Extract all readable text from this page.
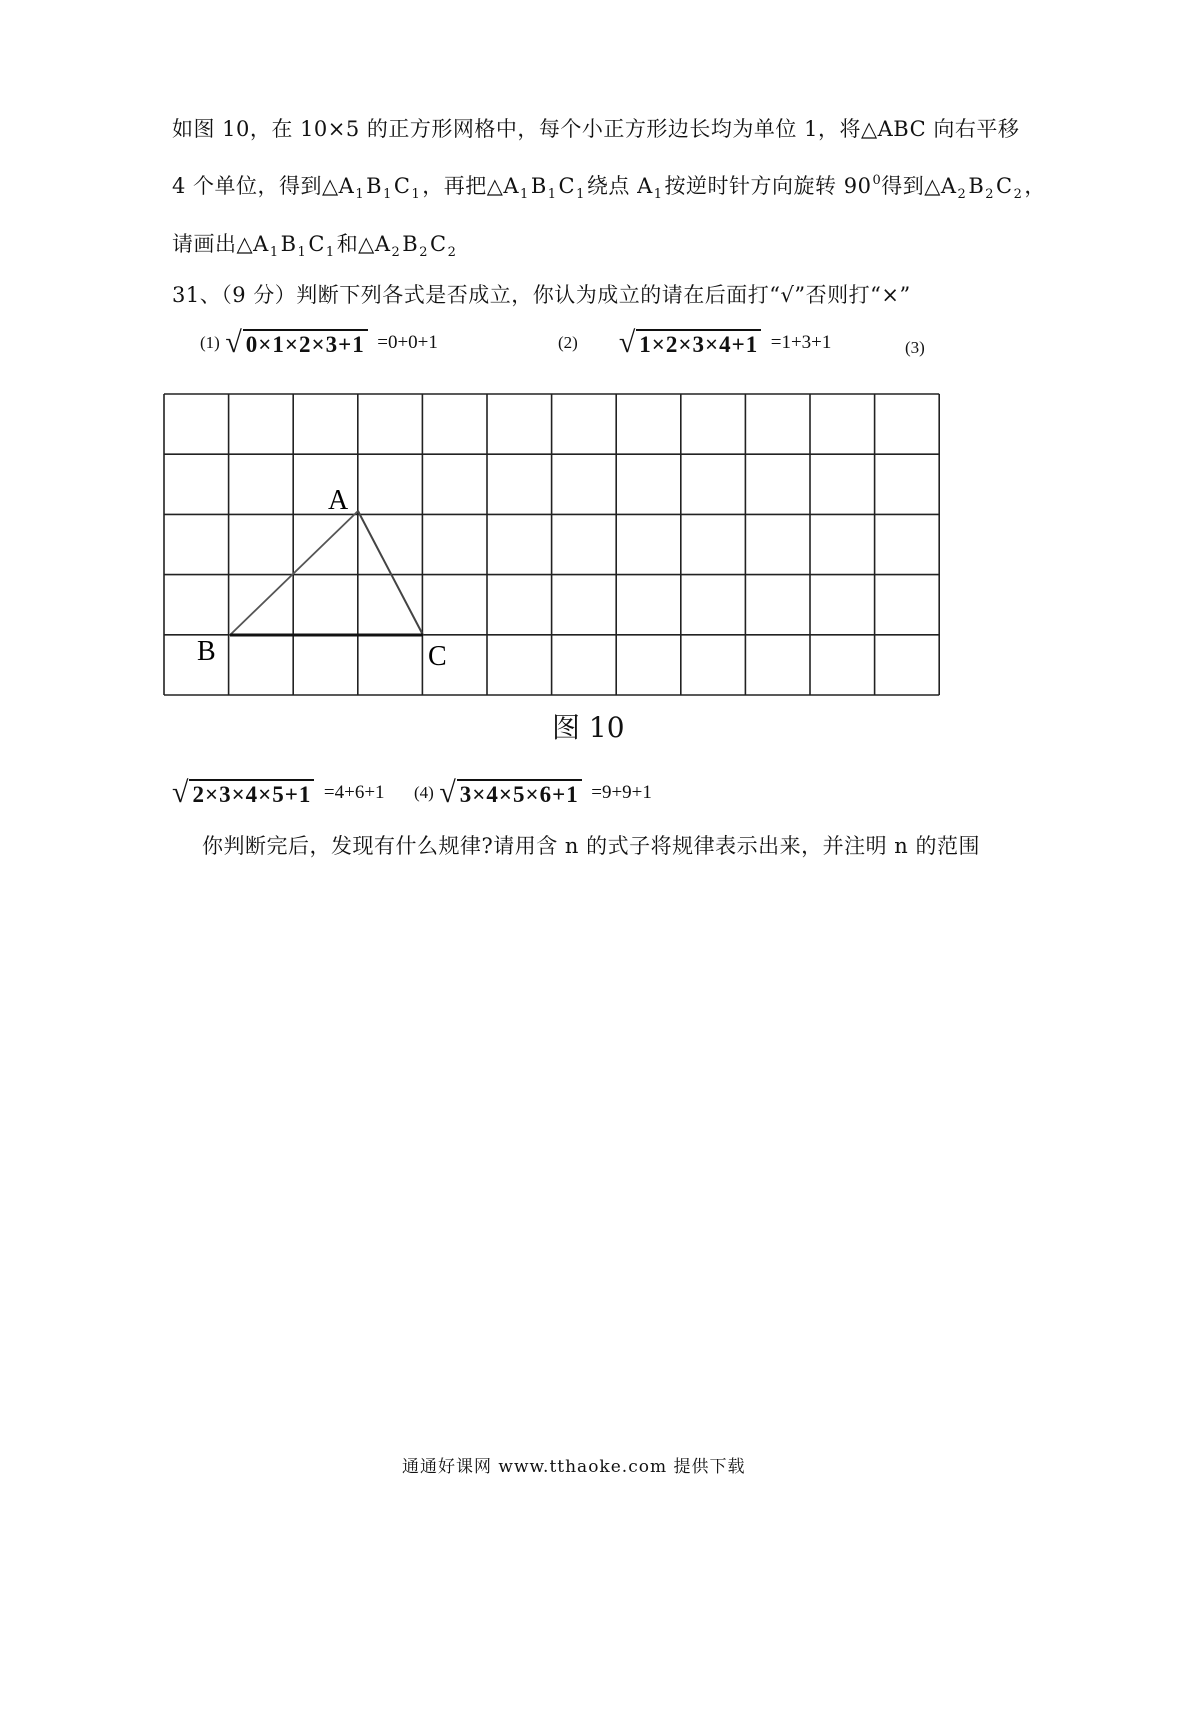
如图 10，在 10×5 的正方形网格中，每个小正方形边长均为单位 1，将△ABC 向右平移
4 个单位，得到$\triangle A_1B_1C_1$，再把$\triangle A_1B_1C_1$绕点 $A_1$按逆时针方向旋转 $90^0$得到$\triangle A_2B_2C_2$，
请画出$\triangle A_1B_1C_1$和$\triangle A_2B_2C_2$
31、（9 分）判断下列各式是否成立，你认为成立的请在后面打“√”否则打“×”
(1) √ 0×1×2×3+1 =0+0+1	(2) √ 1×2×3×4+1 =1+3+1	(3)
A
B	C
图 10
√ 2×3×4×5+1 =4+6+1 (4) √ 3×4×5×6+1 =9+9+1
你判断完后，发现有什么规律?请用含 n 的式子将规律表示出来，并注明 n 的范围
通通好课网 www.tthaoke.com 提供下载
